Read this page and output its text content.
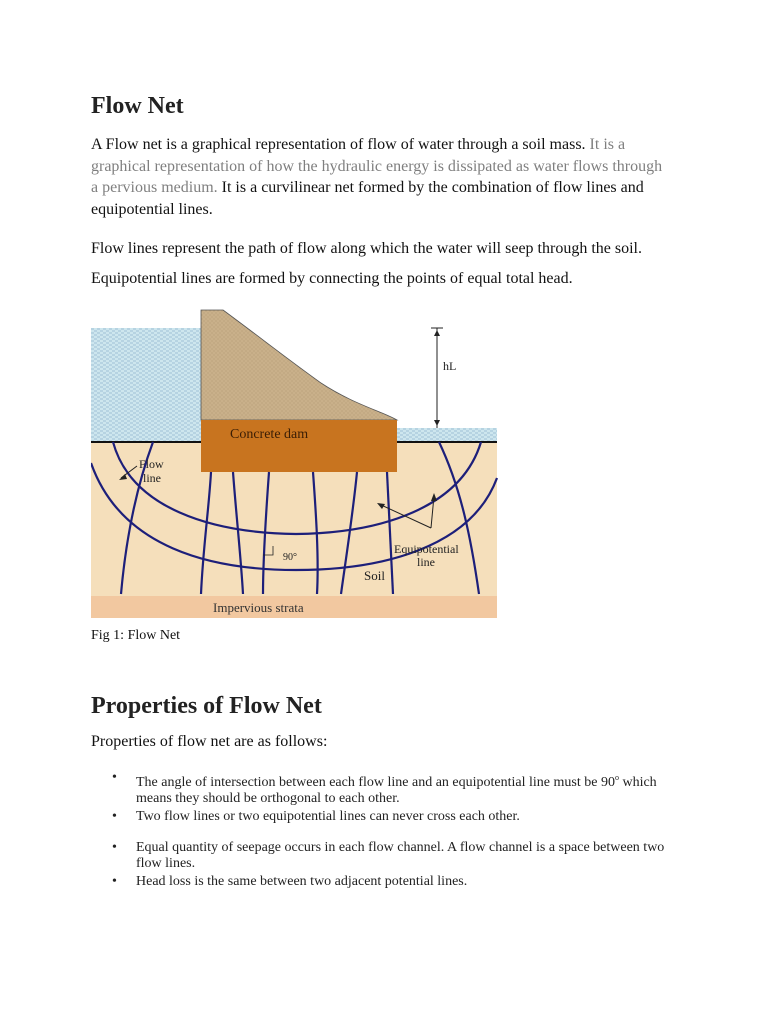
Flow Net

A Flow net is a graphical representation of flow of water through a soil mass. It is a graphical representation of how the hydraulic energy is dissipated as water flows through a pervious medium. It is a curvilinear net formed by the combination of flow lines and equipotential lines.

Flow lines represent the path of flow along which the water will seep through the soil.

Equipotential lines are formed by connecting the points of equal total head.

Concrete dam
Flow
line
hL
90°
Equipotential
line
Soil
Impervious strata

Fig 1: Flow Net

Properties of Flow Net

Properties of flow net are as follows:

• The angle of intersection between each flow line and an equipotential line must be 90$^o$ which means they should be orthogonal to each other.
• Two flow lines or two equipotential lines can never cross each other.
• Equal quantity of seepage occurs in each flow channel. A flow channel is a space between two flow lines.
• Head loss is the same between two adjacent potential lines.
